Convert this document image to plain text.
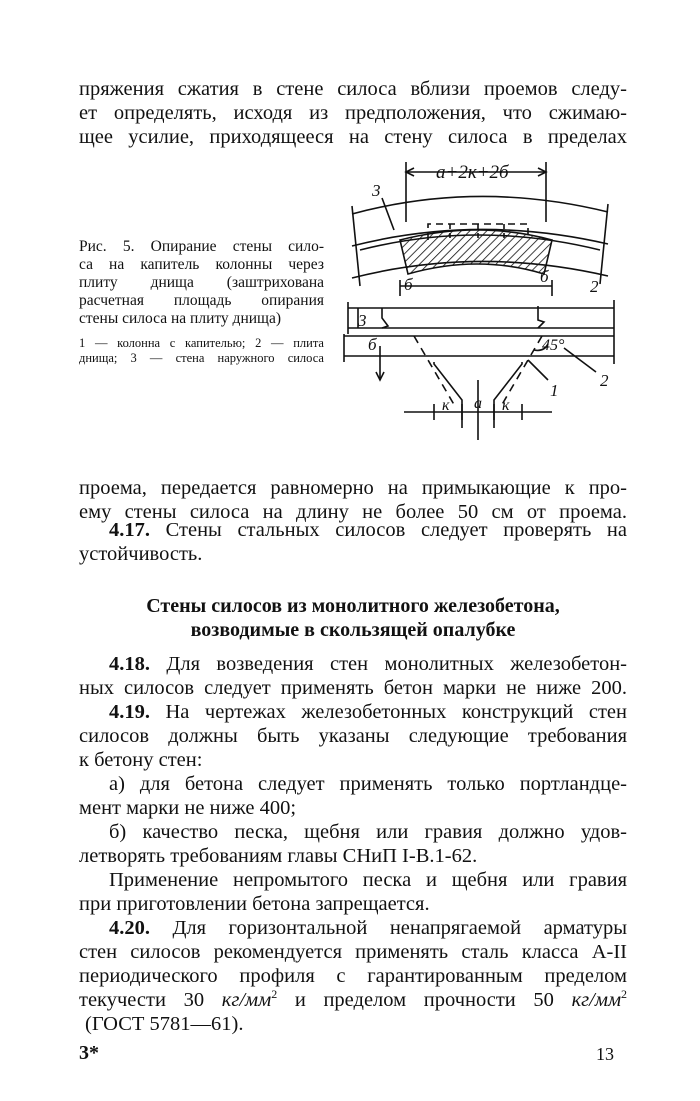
пряжения сжатия в стене силоса вблизи проемов следу-
ет определять, исходя из предположения, что сжимаю-
щее усилие, приходящееся на стену силоса в пределах
Рис. 5. Опирание стены сило-
са на капитель колонны через
плиту днища (заштрихована
расчетная площадь опирания
стены силоса на плиту днища)
1 — колонна с капителью; 2 — плита
днища; 3 — стена наружного силоса
а+2к+2б
3
3
2
2
1
б	б
б	45°
к	к
а
проема, передается равномерно на примыкающие к про-
ему стены силоса на длину не более 50 см от проема.
4.17. Стены стальных силосов следует проверять на
устойчивость.
Стены силосов из монолитного железобетона,
возводимые в скользящей опалубке
4.18. Для возведения стен монолитных железобетон-
ных силосов следует применять бетон марки не ниже 200.
4.19. На чертежах железобетонных конструкций стен
силосов должны быть указаны следующие требования
к бетону стен:
а) для бетона следует применять только портландце-
мент марки не ниже 400;
б) качество песка, щебня или гравия должно удов-
летворять требованиям главы СНиП I-В.1-62.
Применение непромытого песка и щебня или гравия
при приготовлении бетона запрещается.
4.20. Для горизонтальной ненапрягаемой арматуры
стен силосов рекомендуется применять сталь класса А-II
периодического профиля с гарантированным пределом
текучести 30 $кг/мм^2$ и пределом прочности 50 $кг/мм^2$
(ГОСТ 5781—61).
3*	13
